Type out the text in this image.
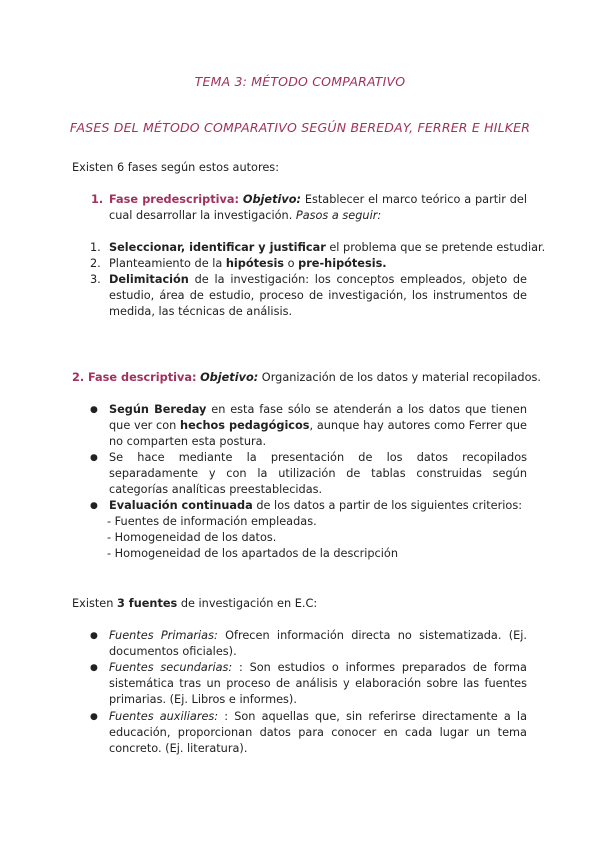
TEMA 3: MÉTODO COMPARATIVO
FASES DEL MÉTODO COMPARATIVO SEGÚN BEREDAY, FERRER E HILKER
Existen 6 fases según estos autores:
1. Fase predescriptiva: Objetivo: Establecer el marco teórico a partir del cual desarrollar la investigación. Pasos a seguir:
1. Seleccionar, identificar y justificar el problema que se pretende estudiar.
2. Planteamiento de la hipótesis o pre-hipótesis.
3. Delimitación de la investigación: los conceptos empleados, objeto de estudio, área de estudio, proceso de investigación, los instrumentos de medida, las técnicas de análisis.
2. Fase descriptiva: Objetivo: Organización de los datos y material recopilados.
● Según Bereday en esta fase sólo se atenderán a los datos que tienen que ver con hechos pedagógicos, aunque hay autores como Ferrer que no comparten esta postura.
● Se hace mediante la presentación de los datos recopilados separadamente y con la utilización de tablas construidas según categorías analíticas preestablecidas.
● Evaluación continuada de los datos a partir de los siguientes criterios:
- Fuentes de información empleadas.
- Homogeneidad de los datos.
- Homogeneidad de los apartados de la descripción
Existen 3 fuentes de investigación en E.C:
● Fuentes Primarias: Ofrecen información directa no sistematizada. (Ej. documentos oficiales).
● Fuentes secundarias: : Son estudios o informes preparados de forma sistemática tras un proceso de análisis y elaboración sobre las fuentes primarias. (Ej. Libros e informes).
● Fuentes auxiliares: : Son aquellas que, sin referirse directamente a la educación, proporcionan datos para conocer en cada lugar un tema concreto. (Ej. literatura).
